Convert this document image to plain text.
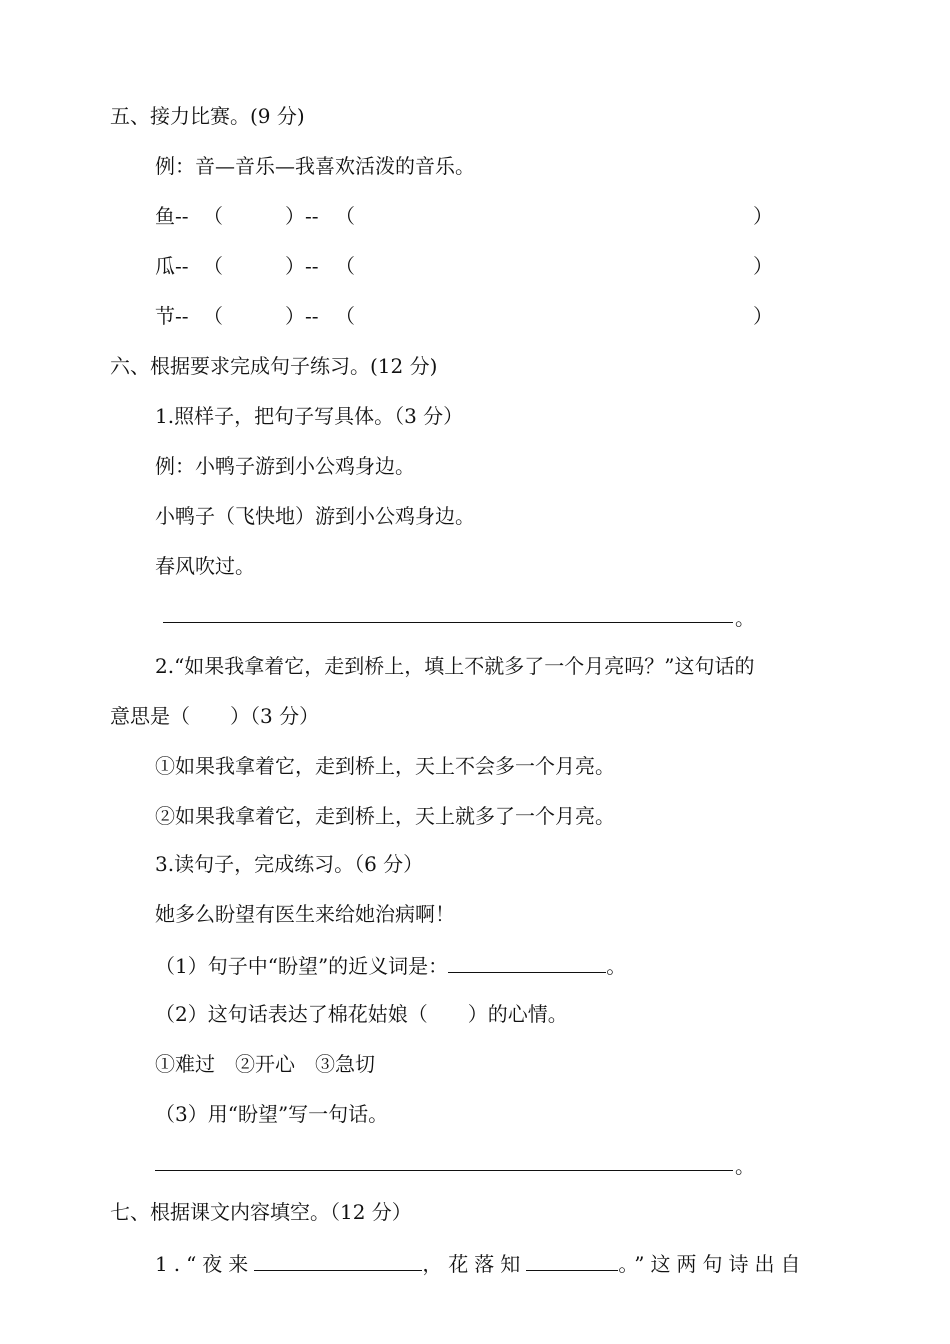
五、接力比赛。(9 分)
例：音—音乐—我喜欢活泼的音乐。
鱼 -- （	） -- （	）
瓜 -- （	） -- （	）
节 -- （	） -- （	）
六、根据要求完成句子练习。(12 分)
1.照样子，把句子写具体。（3 分）
例：小鸭子游到小公鸡身边。
小鸭子（飞快地）游到小公鸡身边。
春风吹过。
。
2.“如果我拿着它，走到桥上，填上不就多了一个月亮吗？”这句话的
意思是（　　）（3 分）
①如果我拿着它，走到桥上，天上不会多一个月亮。
②如果我拿着它，走到桥上，天上就多了一个月亮。
3.读句子，完成练习。（6 分）
她多么盼望有医生来给她治病啊！
（1）句子中“盼望”的近义词是：	。
（2）这句话表达了棉花姑娘（　　）的心情。
①难过　②开心　③急切
（3）用“盼望”写一句话。
。
七、根据课文内容填空。（12 分）
1.“夜来	，花落知	。”这两句诗出自
